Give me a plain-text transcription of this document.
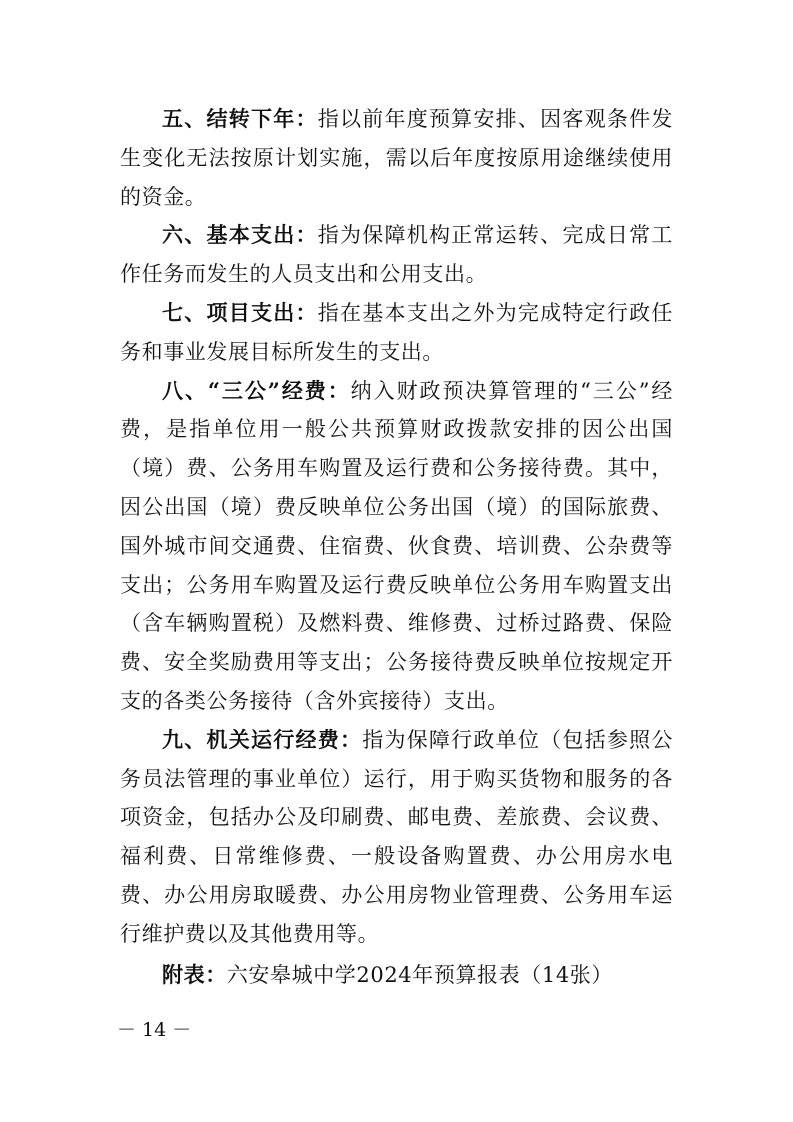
五、结转下年：指以前年度预算安排、因客观条件发生变化无法按原计划实施，需以后年度按原用途继续使用的资金。

六、基本支出：指为保障机构正常运转、完成日常工作任务而发生的人员支出和公用支出。

七、项目支出：指在基本支出之外为完成特定行政任务和事业发展目标所发生的支出。

八、“三公”经费：纳入财政预决算管理的“三公”经费，是指单位用一般公共预算财政拨款安排的因公出国（境）费、公务用车购置及运行费和公务接待费。其中，因公出国（境）费反映单位公务出国（境）的国际旅费、国外城市间交通费、住宿费、伙食费、培训费、公杂费等支出；公务用车购置及运行费反映单位公务用车购置支出（含车辆购置税）及燃料费、维修费、过桥过路费、保险费、安全奖励费用等支出；公务接待费反映单位按规定开支的各类公务接待（含外宾接待）支出。

九、机关运行经费：指为保障行政单位（包括参照公务员法管理的事业单位）运行，用于购买货物和服务的各项资金，包括办公及印刷费、邮电费、差旅费、会议费、福利费、日常维修费、一般设备购置费、办公用房水电费、办公用房取暖费、办公用房物业管理费、公务用车运行维护费以及其他费用等。

附表：六安皋城中学2024年预算报表（14张）
－ 14 －
